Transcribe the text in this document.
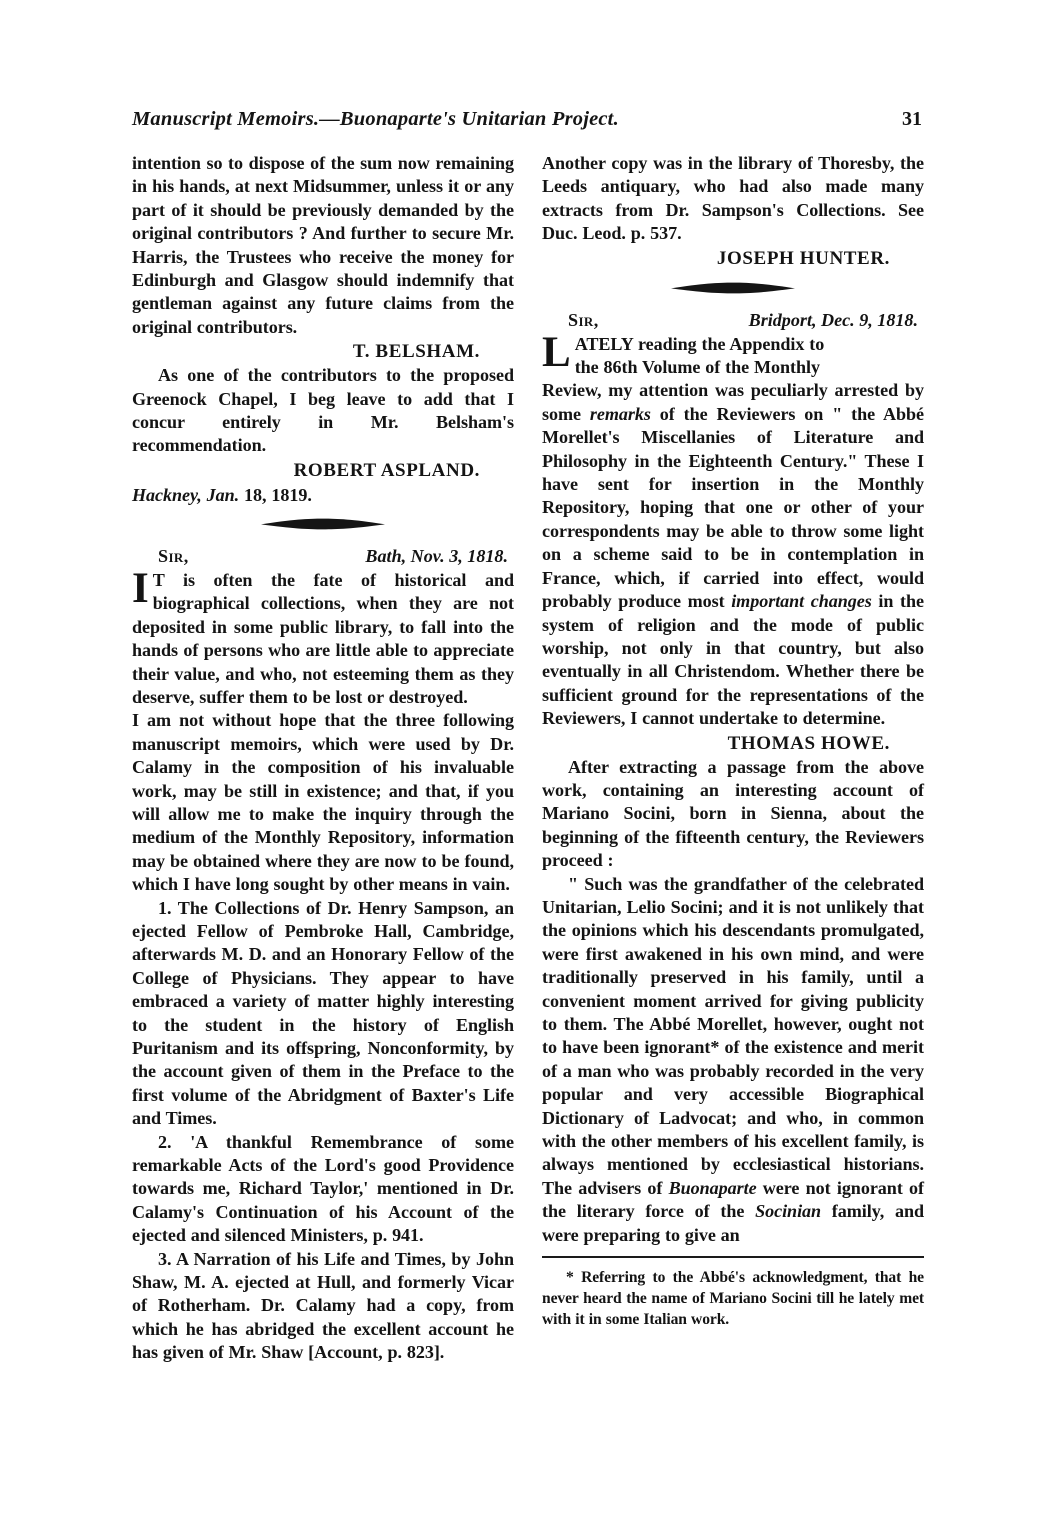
Manuscript Memoirs.—Buonaparte's Unitarian Project.	31

intention so to dispose of the sum now remaining in his hands, at next Midsummer, unless it or any part of it should be previously demanded by the original contributors ? And further to secure Mr. Harris, the Trustees who receive the money for Edinburgh and Glasgow should indemnify that gentleman against any future claims from the original contributors.

T. BELSHAM.

As one of the contributors to the proposed Greenock Chapel, I beg leave to add that I concur entirely in Mr. Belsham's recommendation.

ROBERT ASPLAND.

Hackney, Jan. 18, 1819.

Sir,	Bath, Nov. 3, 1818.
I T is often the fate of historical and biographical collections, when they are not deposited in some public library, to fall into the hands of persons who are little able to appreciate their value, and who, not esteeming them as they deserve, suffer them to be lost or destroyed.

I am not without hope that the three following manuscript memoirs, which were used by Dr. Calamy in the composition of his invaluable work, may be still in existence; and that, if you will allow me to make the inquiry through the medium of the Monthly Repository, information may be obtained where they are now to be found, which I have long sought by other means in vain.

1. The Collections of Dr. Henry Sampson, an ejected Fellow of Pembroke Hall, Cambridge, afterwards M. D. and an Honorary Fellow of the College of Physicians. They appear to have embraced a variety of matter highly interesting to the student in the history of English Puritanism and its offspring, Nonconformity, by the account given of them in the Preface to the first volume of the Abridgment of Baxter's Life and Times.

2. 'A thankful Remembrance of some remarkable Acts of the Lord's good Providence towards me, Richard Taylor,' mentioned in Dr. Calamy's Continuation of his Account of the ejected and silenced Ministers, p. 941.

3. A Narration of his Life and Times, by John Shaw, M. A. ejected at Hull, and formerly Vicar of Rotherham. Dr. Calamy had a copy, from which he has abridged the excellent account he has given of Mr. Shaw [Account, p. 823].

Another copy was in the library of Thoresby, the Leeds antiquary, who had also made many extracts from Dr. Sampson's Collections. See Duc. Leod. p. 537.

JOSEPH HUNTER.
Sir,	Bridport, Dec. 9, 1818.
L ATELY reading the Appendix to

the 86th Volume of the Monthly

Review, my attention was peculiarly arrested by some remarks of the Reviewers on " the Abbé Morellet's Miscellanies of Literature and Philosophy in the Eighteenth Century." These I have sent for insertion in the Monthly Repository, hoping that one or other of your correspondents may be able to throw some light on a scheme said to be in contemplation in France, which, if carried into effect, would probably produce most important changes in the system of religion and the mode of public worship, not only in that country, but also eventually in all Christendom. Whether there be sufficient ground for the representations of the Reviewers, I cannot undertake to determine.

THOMAS HOWE.

After extracting a passage from the above work, containing an interesting account of Mariano Socini, born in Sienna, about the beginning of the fifteenth century, the Reviewers proceed :

" Such was the grandfather of the celebrated Unitarian, Lelio Socini; and it is not unlikely that the opinions which his descendants promulgated, were first awakened in his own mind, and were traditionally preserved in his family, until a convenient moment arrived for giving publicity to them. The Abbé Morellet, however, ought not to have been ignorant* of the existence and merit of a man who was probably recorded in the very popular and very accessible Biographical Dictionary of Ladvocat; and who, in common with the other members of his excellent family, is always mentioned by ecclesiastical historians. The advisers of Buonaparte were not ignorant of the literary force of the Socinian family, and were preparing to give an

* Referring to the Abbé's acknowledgment, that he never heard the name of Mariano Socini till he lately met with it in some Italian work.
